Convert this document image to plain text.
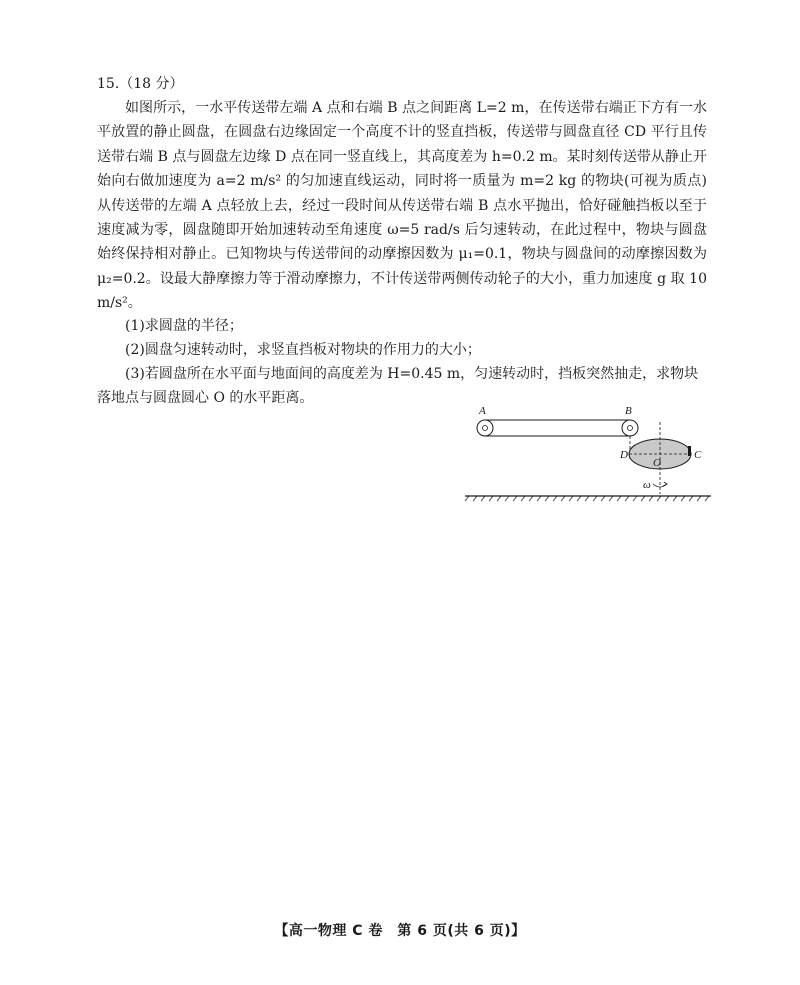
15.（18 分）

如图所示，一水平传送带左端 A 点和右端 B 点之间距离 L=2 m，在传送带右端正下方有一水平放置的静止圆盘，在圆盘右边缘固定一个高度不计的竖直挡板，传送带与圆盘直径 CD 平行且传送带右端 B 点与圆盘左边缘 D 点在同一竖直线上，其高度差为 h=0.2 m。某时刻传送带从静止开始向右做加速度为 a=2 m/s² 的匀加速直线运动，同时将一质量为 m=2 kg 的物块(可视为质点)从传送带的左端 A 点轻放上去，经过一段时间从传送带右端 B 点水平抛出，恰好碰触挡板以至于速度减为零，圆盘随即开始加速转动至角速度 ω=5 rad/s 后匀速转动，在此过程中，物块与圆盘始终保持相对静止。已知物块与传送带间的动摩擦因数为 μ₁=0.1，物块与圆盘间的动摩擦因数为 μ₂=0.2。设最大静摩擦力等于滑动摩擦力，不计传送带两侧传动轮子的大小，重力加速度 g 取 10 m/s²。

(1)求圆盘的半径；
(2)圆盘匀速转动时，求竖直挡板对物块的作用力的大小；
(3)若圆盘所在水平面与地面间的高度差为 H=0.45 m，匀速转动时，挡板突然抽走，求物块落地点与圆盘圆心 O 的水平距离。
A	B
D	C
O
ω
【高一物理 C 卷　第 6 页(共 6 页)】
